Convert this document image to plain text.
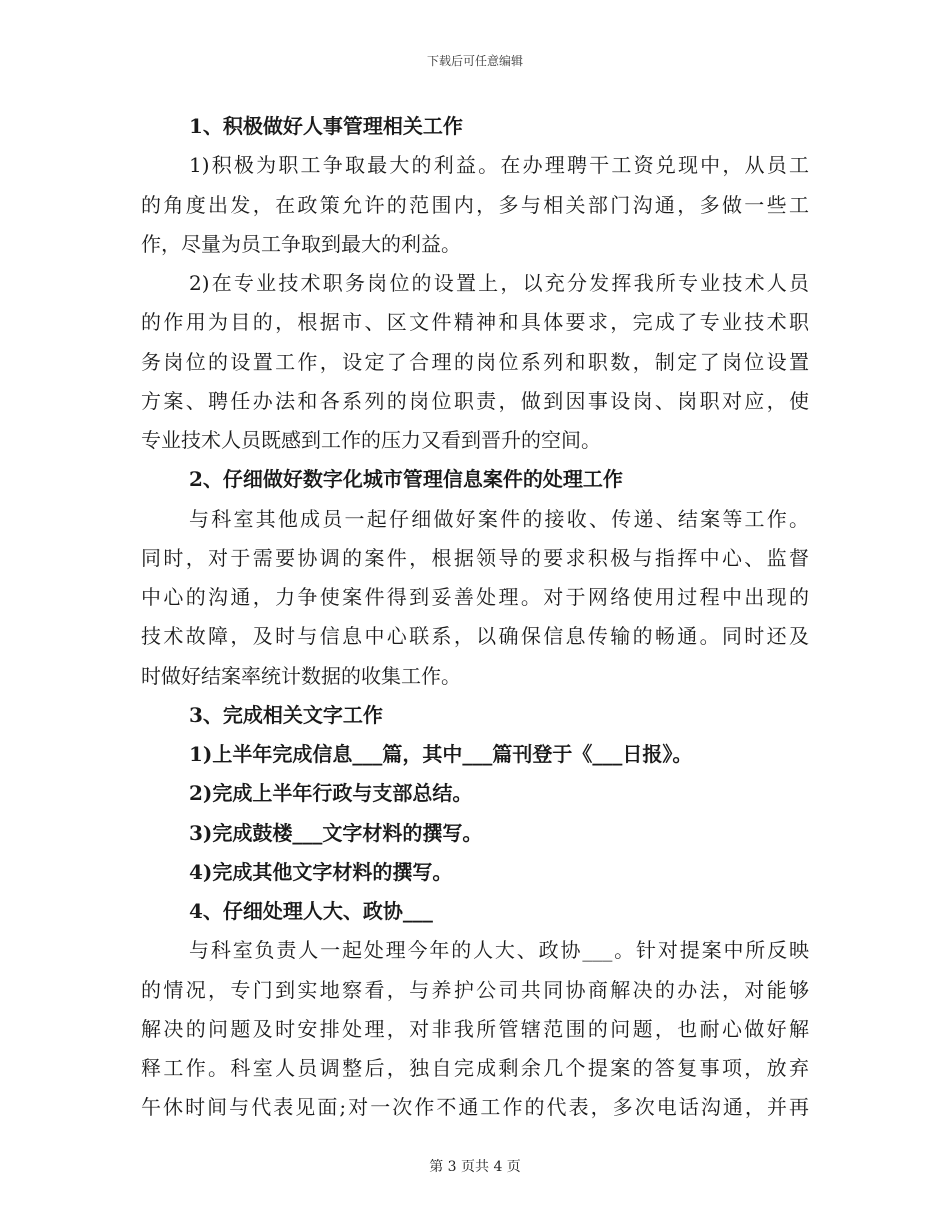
下载后可任意编辑
1、积极做好人事管理相关工作
1)积极为职工争取最大的利益。在办理聘干工资兑现中，从员工
的角度出发，在政策允许的范围内，多与相关部门沟通，多做一些工
作，尽量为员工争取到最大的利益。
2)在专业技术职务岗位的设置上，以充分发挥我所专业技术人员
的作用为目的，根据市、区文件精神和具体要求，完成了专业技术职
务岗位的设置工作，设定了合理的岗位系列和职数，制定了岗位设置
方案、聘任办法和各系列的岗位职责，做到因事设岗、岗职对应，使
专业技术人员既感到工作的压力又看到晋升的空间。
2、仔细做好数字化城市管理信息案件的处理工作
与科室其他成员一起仔细做好案件的接收、传递、结案等工作。
同时，对于需要协调的案件，根据领导的要求积极与指挥中心、监督
中心的沟通，力争使案件得到妥善处理。对于网络使用过程中出现的
技术故障，及时与信息中心联系，以确保信息传输的畅通。同时还及
时做好结案率统计数据的收集工作。
3、完成相关文字工作
1)上半年完成信息___篇，其中___篇刊登于《___日报》。
2)完成上半年行政与支部总结。
3)完成鼓楼___文字材料的撰写。
4)完成其他文字材料的撰写。
4、仔细处理人大、政协___
与科室负责人一起处理今年的人大、政协___。针对提案中所反映
的情况，专门到实地察看，与养护公司共同协商解决的办法，对能够
解决的问题及时安排处理，对非我所管辖范围的问题，也耐心做好解
释工作。科室人员调整后，独自完成剩余几个提案的答复事项，放弃
午休时间与代表见面;对一次作不通工作的代表，多次电话沟通，并再
第 3 页共 4 页
